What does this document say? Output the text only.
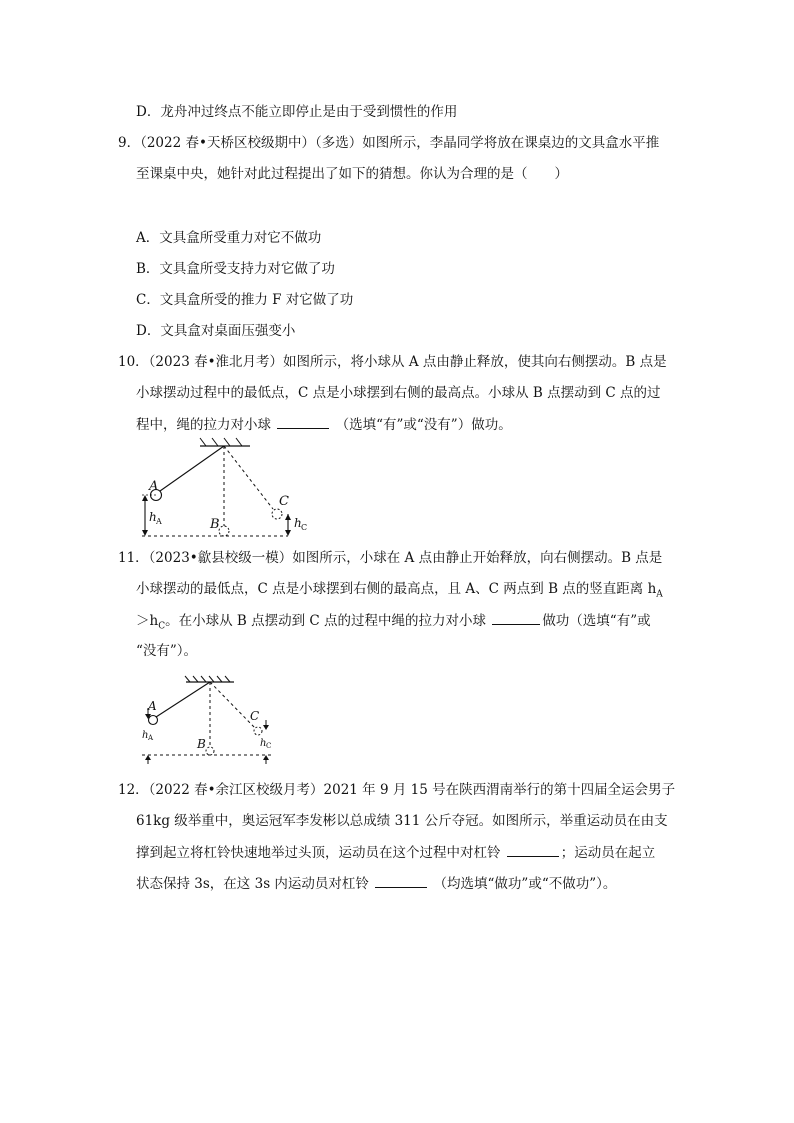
D．龙舟冲过终点不能立即停止是由于受到惯性的作用
9．（2022 春•天桥区校级期中）（多选）如图所示，李晶同学将放在课桌边的文具盒水平推
至课桌中央，她针对此过程提出了如下的猜想。你认为合理的是（　　）
A．文具盒所受重力对它不做功
B．文具盒所受支持力对它做了功
C．文具盒所受的推力 F 对它做了功
D．文具盒对桌面压强变小
10．（2023 春•淮北月考）如图所示，将小球从 A 点由静止释放，使其向右侧摆动。B 点是
小球摆动过程中的最低点，C 点是小球摆到右侧的最高点。小球从 B 点摆动到 C 点的过
程中，绳的拉力对小球	（选填“有”或“没有”）做功。
A
B
C
h A	h C
11．（2023•歙县校级一模）如图所示，小球在 A 点由静止开始释放，向右侧摆动。B 点是
小球摆动的最低点，C 点是小球摆到右侧的最高点，且 A、C 两点到 B 点的竖直距离 $h_A$
$>h_C$。在小球从 B 点摆动到 C 点的过程中绳的拉力对小球	做功（选填“有”或
“没有”）。
A
B
C
h A	h C
12．（2022 春•余江区校级月考）2021 年 9 月 15 号在陕西渭南举行的第十四届全运会男子
61kg 级举重中，奥运冠军李发彬以总成绩 311 公斤夺冠。如图所示，举重运动员在由支
撑到起立将杠铃快速地举过头顶，运动员在这个过程中对杠铃	；运动员在起立
状态保持 3s，在这 3s 内运动员对杠铃	（均选填“做功”或“不做功”）。
